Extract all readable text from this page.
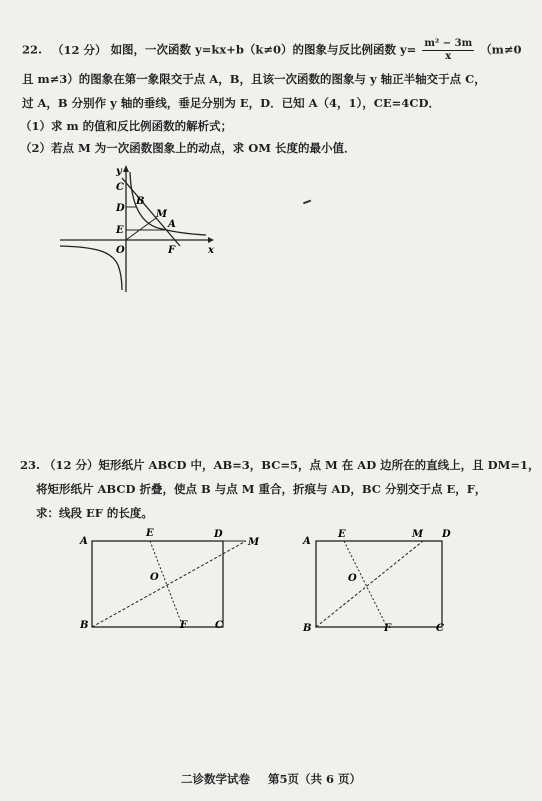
22. （12 分） 如图，一次函数 y=kx+b（k≠0）的图象与反比例函数 $y= \frac{\text{m² − 3m}}{x} (m\ne 0$
且 m≠3）的图象在第一象限交于点 A，B，且该一次函数的图象与 y 轴正半轴交于点 C，
过 A，B 分别作 y 轴的垂线，垂足分别为 E，D．已知 A（4，1），CE=4CD．
（1）求 m 的值和反比例函数的解析式；
（2）若点 M 为一次函数图象上的动点，求 OM 长度的最小值．
y
C
B
D
M
E
A
O	F	x
23. （12 分）矩形纸片 ABCD 中，AB=3，BC=5，点 M 在 AD 边所在的直线上，且 DM=1，
将矩形纸片 ABCD 折叠，使点 B 与点 M 重合，折痕与 AD，BC 分别交于点 E，F，
求：线段 EF 的长度。
A
E	D
M
O
B	F	C
A
E	M D
O
B	F	C
二诊数学试卷 第5页（共 6 页）
